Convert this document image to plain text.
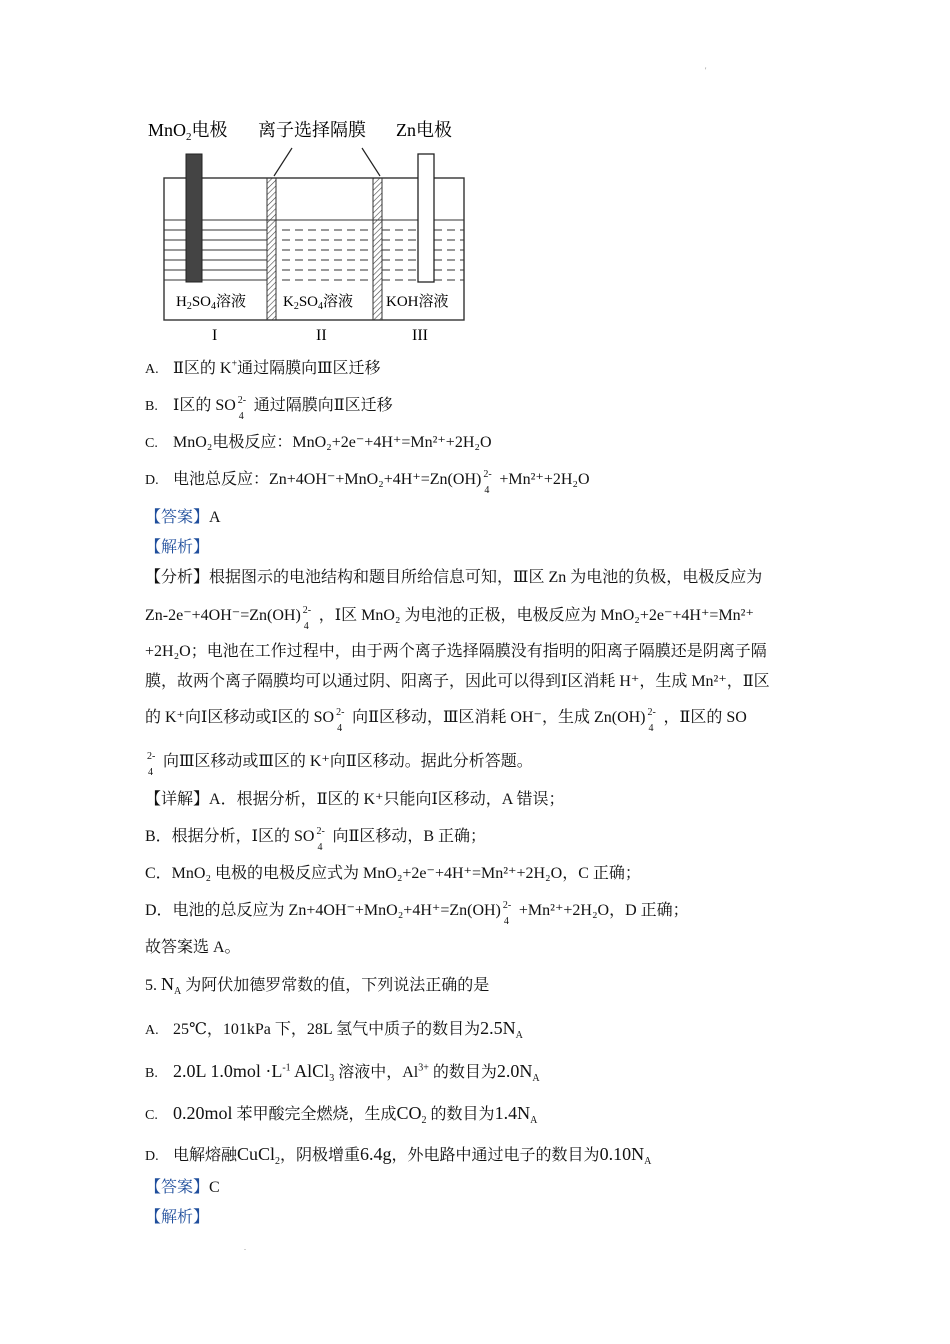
'
MnO$_2$电极 离子选择隔膜 Zn电极
$H_2SO_4$溶液 $K_2SO_4$溶液 KOH溶液
I	II	III
A. Ⅱ区的 K+通过隔膜向Ⅲ区迁移
B. Ⅰ区的 SO 2-
4
通过隔膜向Ⅱ区迁移
C. MnO₂电极反应：MnO₂+2e⁻+4H⁺=Mn²⁺+2H₂O
D. 电池总反应：Zn+4OH⁻+MnO₂+4H⁺=Zn(OH) 2-
4
+Mn²⁺+2H₂O
【答案】A
【解析】
【分析】根据图示的电池结构和题目所给信息可知，Ⅲ区 Zn 为电池的负极，电极反应为
Zn-2e⁻+4OH⁻=Zn(OH) 2-
4
，Ⅰ区 MnO₂ 为电池的正极，电极反应为 MnO₂+2e⁻+4H⁺=Mn²⁺
+2H₂O；电池在工作过程中，由于两个离子选择隔膜没有指明的阳离子隔膜还是阴离子隔
膜，故两个离子隔膜均可以通过阴、阳离子，因此可以得到Ⅰ区消耗 H⁺，生成 Mn²⁺，Ⅱ区
的 K⁺向Ⅰ区移动或Ⅰ区的 SO 2-
4
向Ⅱ区移动，Ⅲ区消耗 OH⁻，生成 Zn(OH) 2-
4
，Ⅱ区的 SO
2-
4
向Ⅲ区移动或Ⅲ区的 K⁺向Ⅱ区移动。据此分析答题。
【详解】A．根据分析，Ⅱ区的 K⁺只能向Ⅰ区移动，A 错误；
B．根据分析，Ⅰ区的 SO 2-
4
向Ⅱ区移动，B 正确；
C．MnO₂ 电极的电极反应式为 MnO₂+2e⁻+4H⁺=Mn²⁺+2H₂O，C 正确；
D．电池的总反应为 Zn+4OH⁻+MnO₂+4H⁺=Zn(OH) 2-
4
+Mn²⁺+2H₂O，D 正确；
故答案选 A。
5. $N_A$ 为阿伏加德罗常数的值，下列说法正确的是
A. 25℃，101kPa 下，28L 氢气中质子的数目为$2.5N_A$
B. 2.0L $1.0mol \cdot L^{-1}$ AlCl$_3$ 溶液中，$Al^{3+}$ 的数目为$2.0N_A$
C. 0.20mol 苯甲酸完全燃烧，生成$CO_2$ 的数目为$1.4N_A$
D. 电解熔融CuCl$_2$，阴极增重6.4g，外电路中通过电子的数目为$0.10N_A$
【答案】C
【解析】
.
